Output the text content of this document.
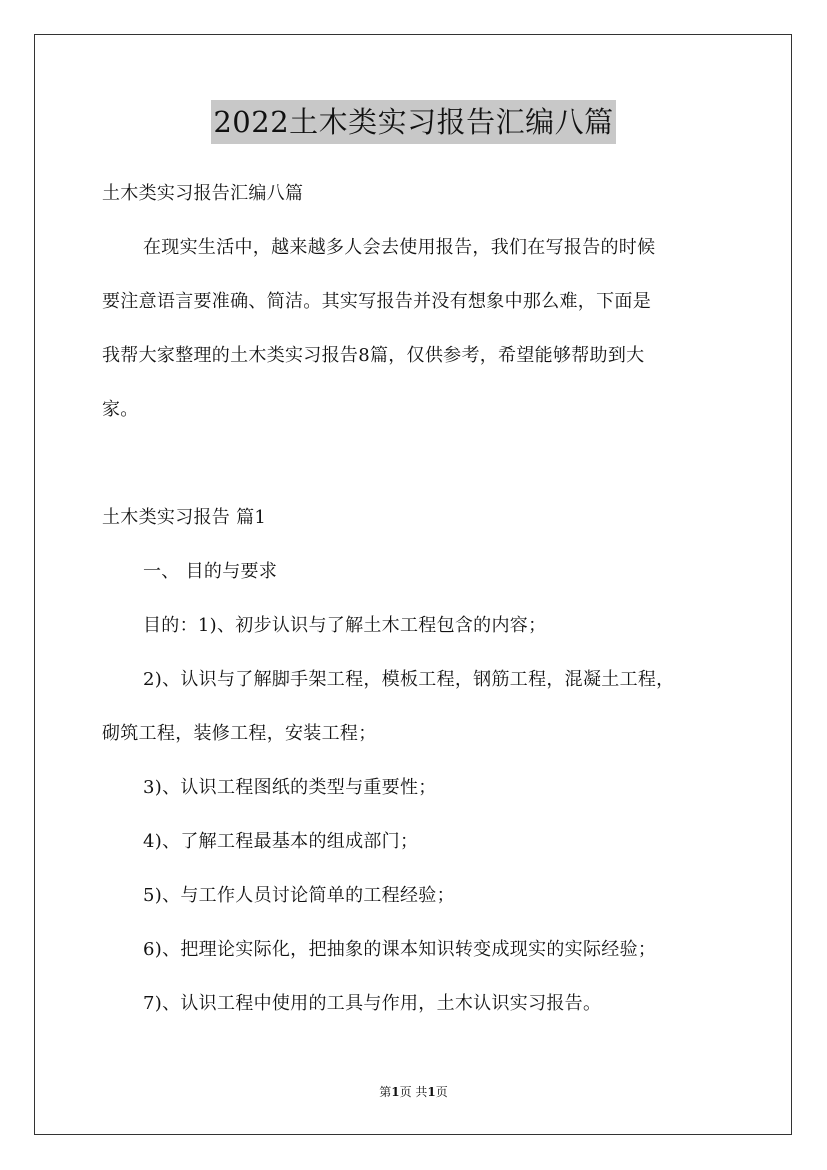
2022土木类实习报告汇编八篇
土木类实习报告汇编八篇
在现实生活中，越来越多人会去使用报告，我们在写报告的时候
要注意语言要准确、简洁。其实写报告并没有想象中那么难，下面是
我帮大家整理的土木类实习报告8篇，仅供参考，希望能够帮助到大
家。
土木类实习报告 篇1
一、 目的与要求
目的：1)、初步认识与了解土木工程包含的内容；
2)、认识与了解脚手架工程，模板工程，钢筋工程，混凝土工程，
砌筑工程，装修工程，安装工程；
3)、认识工程图纸的类型与重要性；
4)、了解工程最基本的组成部门；
5)、与工作人员讨论简单的工程经验；
6)、把理论实际化，把抽象的课本知识转变成现实的实际经验；
7)、认识工程中使用的工具与作用，土木认识实习报告。
第1页 共1页
